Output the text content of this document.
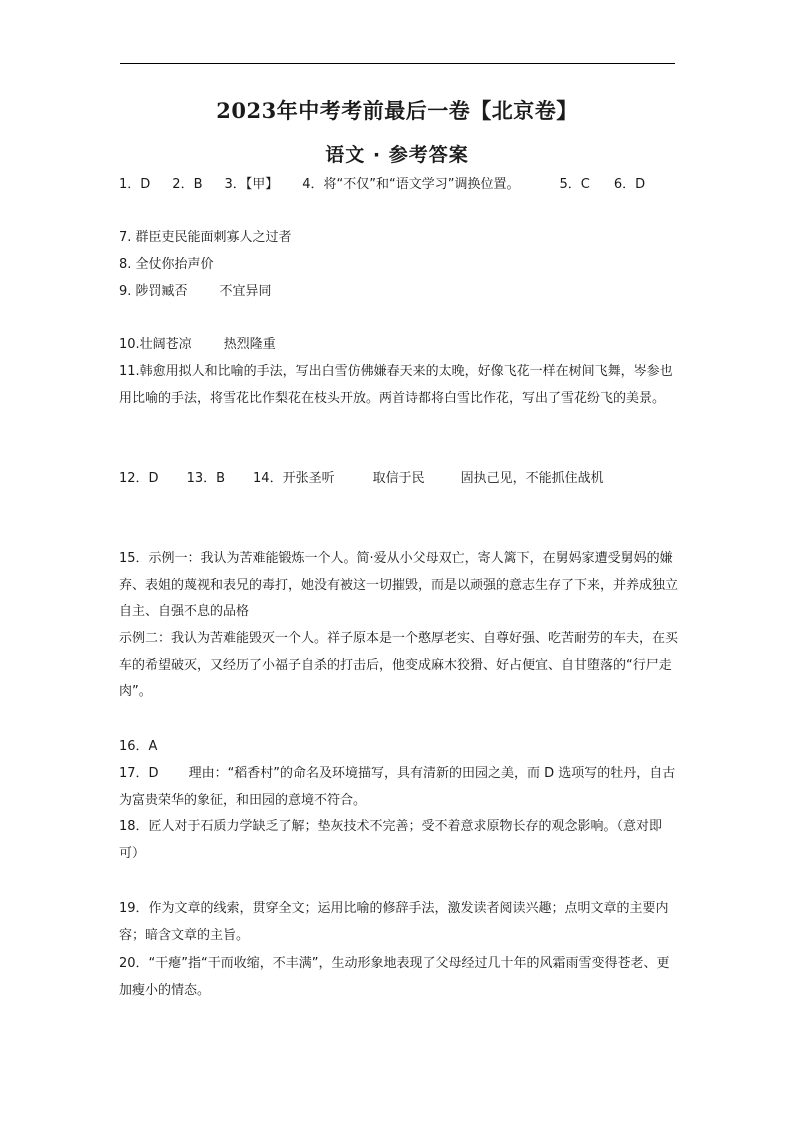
2023年中考考前最后一卷【北京卷】
语文 · 参考答案
1．D 2．B 3．【甲】 4．将“不仅”和“语文学习”调换位置。	5．C 6．D
7. 群臣吏民能面刺寡人之过者
8. 全仗你抬声价
9. 陟罚臧否 不宜异同
10.壮阔苍凉 热烈隆重
11.韩愈用拟人和比喻的手法，写出白雪仿佛嫌春天来的太晚，好像飞花一样在树间飞舞，岑参也用比喻的手法，将雪花比作梨花在枝头开放。两首诗都将白雪比作花，写出了雪花纷飞的美景。
12．D 13．B 14．开张圣听	取信于民	固执己见，不能抓住战机
15．示例一：我认为苦难能锻炼一个人。简·爱从小父母双亡，寄人篱下，在舅妈家遭受舅妈的嫌弃、表姐的蔑视和表兄的毒打，她没有被这一切摧毁，而是以顽强的意志生存了下来，并养成独立自主、自强不息的品格
示例二：我认为苦难能毁灭一个人。祥子原本是一个憨厚老实、自尊好强、吃苦耐劳的车夫，在买车的希望破灭，又经历了小福子自杀的打击后，他变成麻木狡猾、好占便宜、自甘堕落的“行尸走肉”。
16．A
17．D 理由：“稻香村”的命名及环境描写，具有清新的田园之美，而 D 选项写的牡丹，自古为富贵荣华的象征，和田园的意境不符合。
18．匠人对于石质力学缺乏了解；垫灰技术不完善；受不着意求原物长存的观念影响。（意对即可）
19．作为文章的线索，贯穿全文；运用比喻的修辞手法，激发读者阅读兴趣；点明文章的主要内容；暗含文章的主旨。
20．“干瘪”指“干而收缩，不丰满”，生动形象地表现了父母经过几十年的风霜雨雪变得苍老、更加瘦小的情态。
